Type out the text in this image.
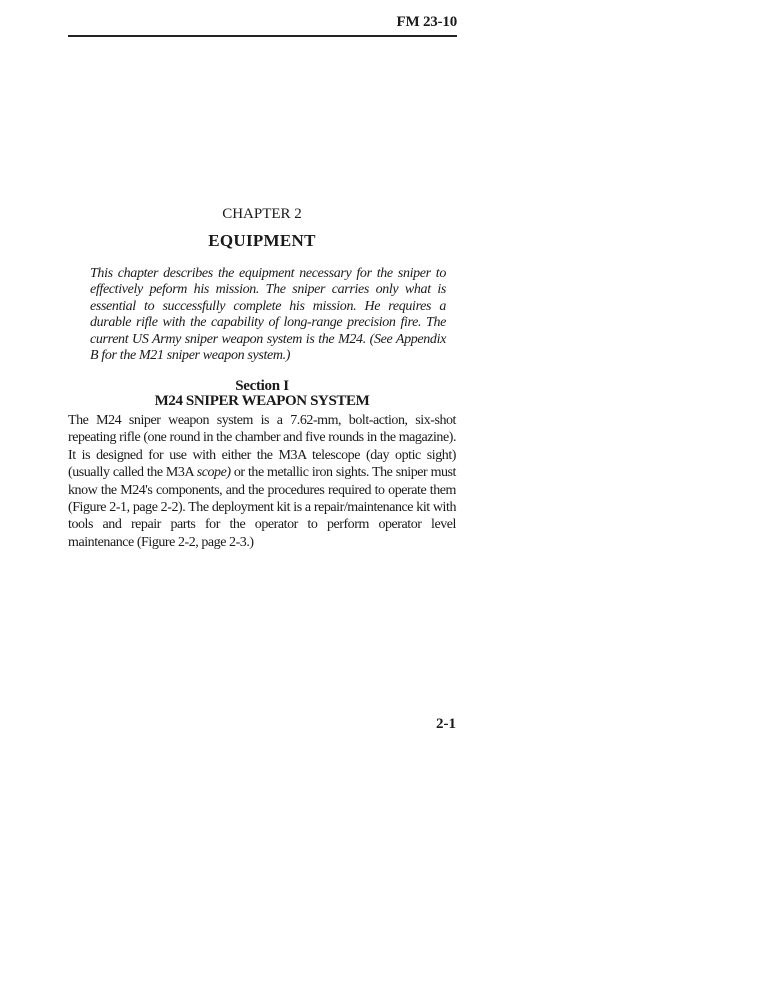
FM 23-10
CHAPTER 2
EQUIPMENT
This chapter describes the equipment necessary for the sniper to effectively peform his mission. The sniper carries only what is essential to successfully complete his mission. He requires a durable rifle with the capability of long-range precision fire. The current US Army sniper weapon system is the M24. (See Appendix B for the M21 sniper weapon system.)
Section I
M24 SNIPER WEAPON SYSTEM
The M24 sniper weapon system is a 7.62-mm, bolt-action, six-shot repeating rifle (one round in the chamber and five rounds in the magazine). It is designed for use with either the M3A telescope (day optic sight) (usually called the M3A scope) or the metallic iron sights. The sniper must know the M24's components, and the procedures required to operate them (Figure 2-1, page 2-2). The deployment kit is a repair/maintenance kit with tools and repair parts for the operator to perform operator level maintenance (Figure 2-2, page 2-3.)
2-1
